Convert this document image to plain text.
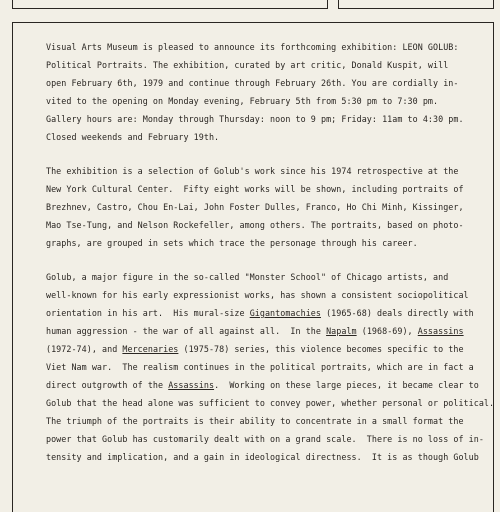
Visual Arts Museum is pleased to announce its forthcoming exhibition: LEON GOLUB:
Political Portraits. The exhibition, curated by art critic, Donald Kuspit, will
open February 6th, 1979 and continue through February 26th. You are cordially in-
vited to the opening on Monday evening, February 5th from 5:30 pm to 7:30 pm.
Gallery hours are: Monday through Thursday: noon to 9 pm; Friday: 11am to 4:30 pm.
Closed weekends and February 19th.
The exhibition is a selection of Golub's work since his 1974 retrospective at the
New York Cultural Center.  Fifty eight works will be shown, including portraits of
Brezhnev, Castro, Chou En-Lai, John Foster Dulles, Franco, Ho Chi Minh, Kissinger,
Mao Tse-Tung, and Nelson Rockefeller, among others. The portraits, based on photo-
graphs, are grouped in sets which trace the personage through his career.
Golub, a major figure in the so-called "Monster School" of Chicago artists, and
well-known for his early expressionist works, has shown a consistent sociopolitical
orientation in his art.  His mural-size Gigantomachies (1965-68) deals directly with
human aggression - the war of all against all.  In the Napalm (1968-69), Assassins
(1972-74), and Mercenaries (1975-78) series, this violence becomes specific to the
Viet Nam war.  The realism continues in the political portraits, which are in fact a
direct outgrowth of the Assassins.  Working on these large pieces, it became clear to
Golub that the head alone was sufficient to convey power, whether personal or political.
The triumph of the portraits is their ability to concentrate in a small format the
power that Golub has customarily dealt with on a grand scale.  There is no loss of in-
tensity and implication, and a gain in ideological directness.  It is as though Golub
